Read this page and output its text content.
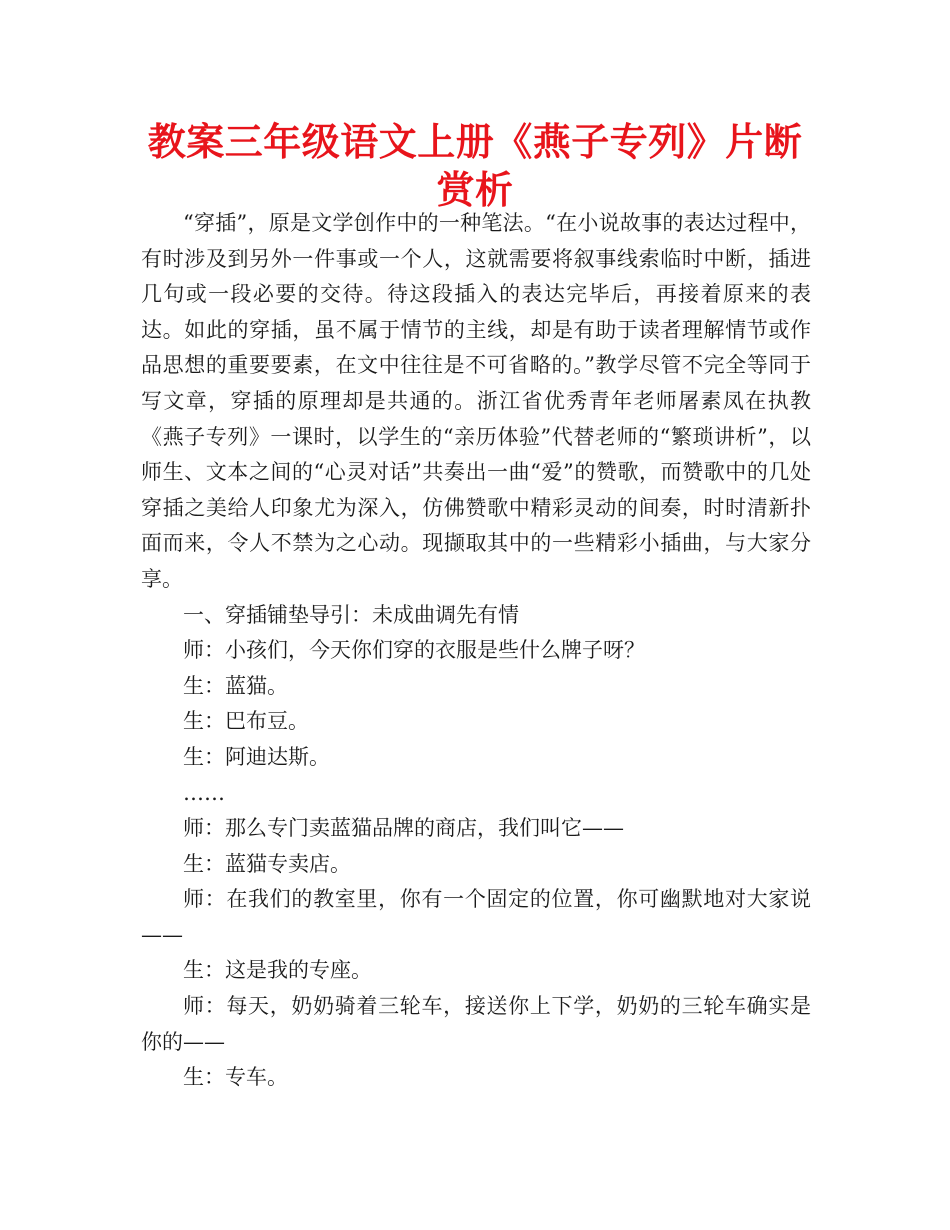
教案三年级语文上册《燕子专列》片断赏析

“穿插”，原是文学创作中的一种笔法。“在小说故事的表达过程中，有时涉及到另外一件事或一个人，这就需要将叙事线索临时中断，插进几句或一段必要的交待。待这段插入的表达完毕后，再接着原来的表达。如此的穿插，虽不属于情节的主线，却是有助于读者理解情节或作品思想的重要要素，在文中往往是不可省略的。”教学尽管不完全等同于写文章，穿插的原理却是共通的。浙江省优秀青年老师屠素凤在执教《燕子专列》一课时，以学生的“亲历体验”代替老师的“繁琐讲析”，以师生、文本之间的“心灵对话”共奏出一曲“爱”的赞歌，而赞歌中的几处穿插之美给人印象尤为深入，仿佛赞歌中精彩灵动的间奏，时时清新扑面而来，令人不禁为之心动。现撷取其中的一些精彩小插曲，与大家分享。

一、穿插铺垫导引：未成曲调先有情

师：小孩们，今天你们穿的衣服是些什么牌子呀？

生：蓝猫。

生：巴布豆。

生：阿迪达斯。

……

师：那么专门卖蓝猫品牌的商店，我们叫它——

生：蓝猫专卖店。

师：在我们的教室里，你有一个固定的位置，你可幽默地对大家说——

生：这是我的专座。

师：每天，奶奶骑着三轮车，接送你上下学，奶奶的三轮车确实是你的——

生：专车。
